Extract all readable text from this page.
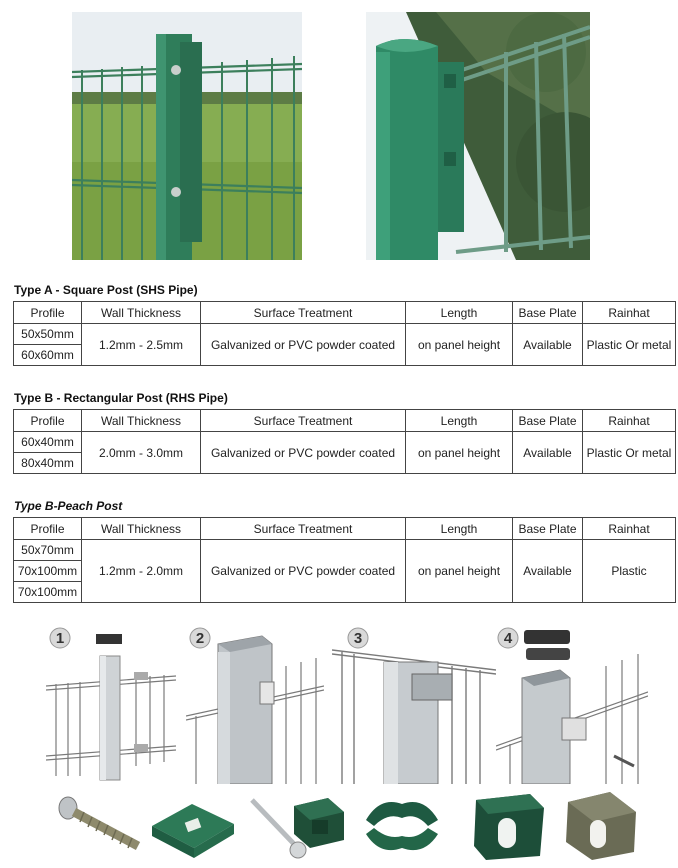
Type A - Square Post (SHS Pipe)
Profile	Wall Thickness	Surface Treatment	Length	Base Plate	Rainhat
50x50mm	1.2mm - 2.5mm	Galvanized or PVC powder coated	on panel height	Available	Plastic Or metal
60x60mm					
Type B - Rectangular Post (RHS Pipe)
Profile	Wall Thickness	Surface Treatment	Length	Base Plate	Rainhat
60x40mm	2.0mm - 3.0mm	Galvanized or PVC powder coated	on panel height	Available	Plastic Or metal
80x40mm					
Type B-Peach Post
Profile	Wall Thickness	Surface Treatment	Length	Base Plate	Rainhat
50x70mm	1.2mm - 2.0mm	Galvanized or PVC powder coated	on panel height	Available	Plastic
70x100mm					
70x100mm					
1	2	3	4
